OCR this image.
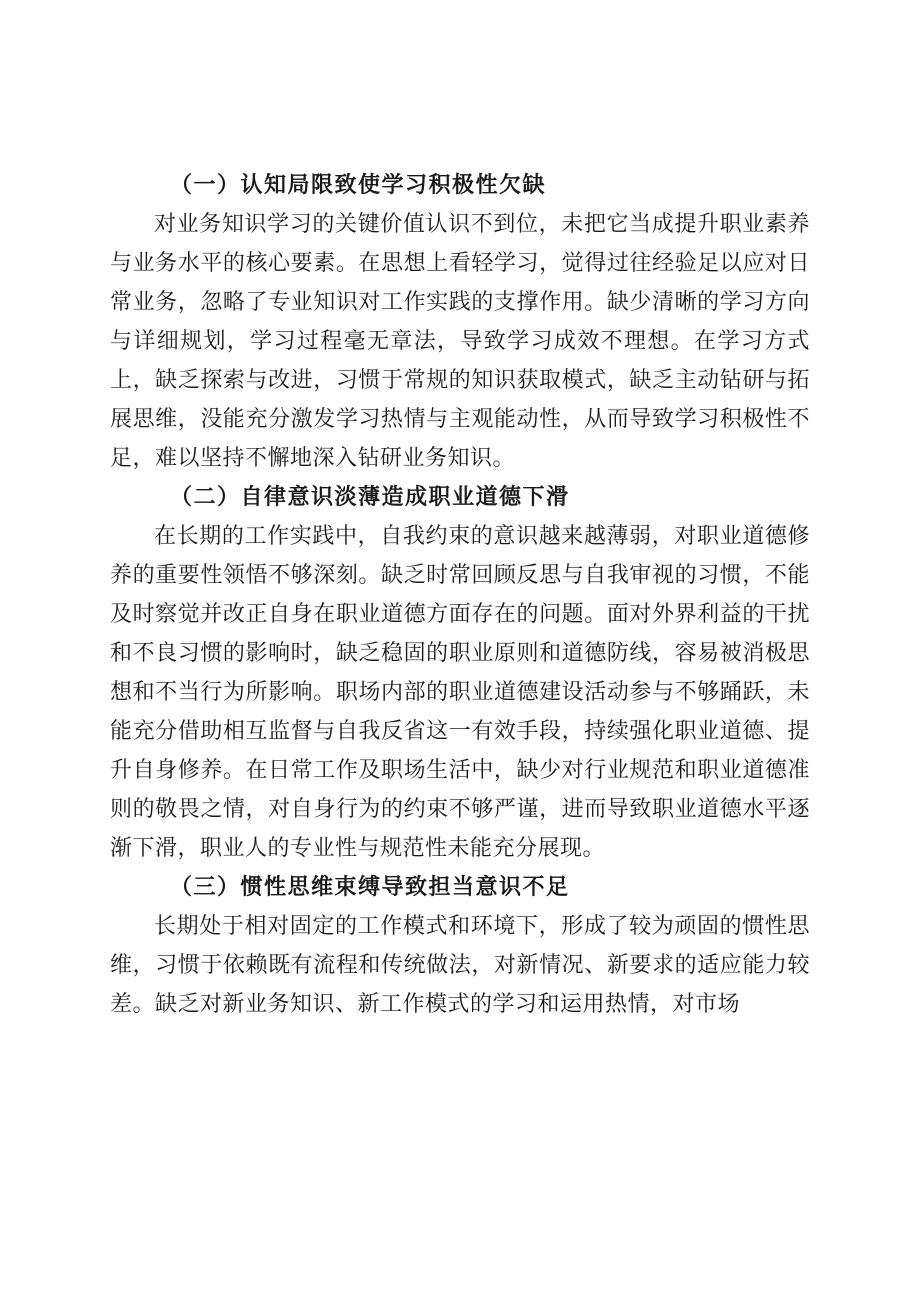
（一）认知局限致使学习积极性欠缺

对业务知识学习的关键价值认识不到位，未把它当成提升职业素养与业务水平的核心要素。在思想上看轻学习，觉得过往经验足以应对日常业务，忽略了专业知识对工作实践的支撑作用。缺少清晰的学习方向与详细规划，学习过程毫无章法，导致学习成效不理想。在学习方式上，缺乏探索与改进，习惯于常规的知识获取模式，缺乏主动钻研与拓展思维，没能充分激发学习热情与主观能动性，从而导致学习积极性不足，难以坚持不懈地深入钻研业务知识。

（二）自律意识淡薄造成职业道德下滑

在长期的工作实践中，自我约束的意识越来越薄弱，对职业道德修养的重要性领悟不够深刻。缺乏时常回顾反思与自我审视的习惯，不能及时察觉并改正自身在职业道德方面存在的问题。面对外界利益的干扰和不良习惯的影响时，缺乏稳固的职业原则和道德防线，容易被消极思想和不当行为所影响。职场内部的职业道德建设活动参与不够踊跃，未能充分借助相互监督与自我反省这一有效手段，持续强化职业道德、提升自身修养。在日常工作及职场生活中，缺少对行业规范和职业道德准则的敬畏之情，对自身行为的约束不够严谨，进而导致职业道德水平逐渐下滑，职业人的专业性与规范性未能充分展现。

（三）惯性思维束缚导致担当意识不足

长期处于相对固定的工作模式和环境下，形成了较为顽固的惯性思维，习惯于依赖既有流程和传统做法，对新情况、新要求的适应能力较差。缺乏对新业务知识、新工作模式的学习和运用热情，对市场
